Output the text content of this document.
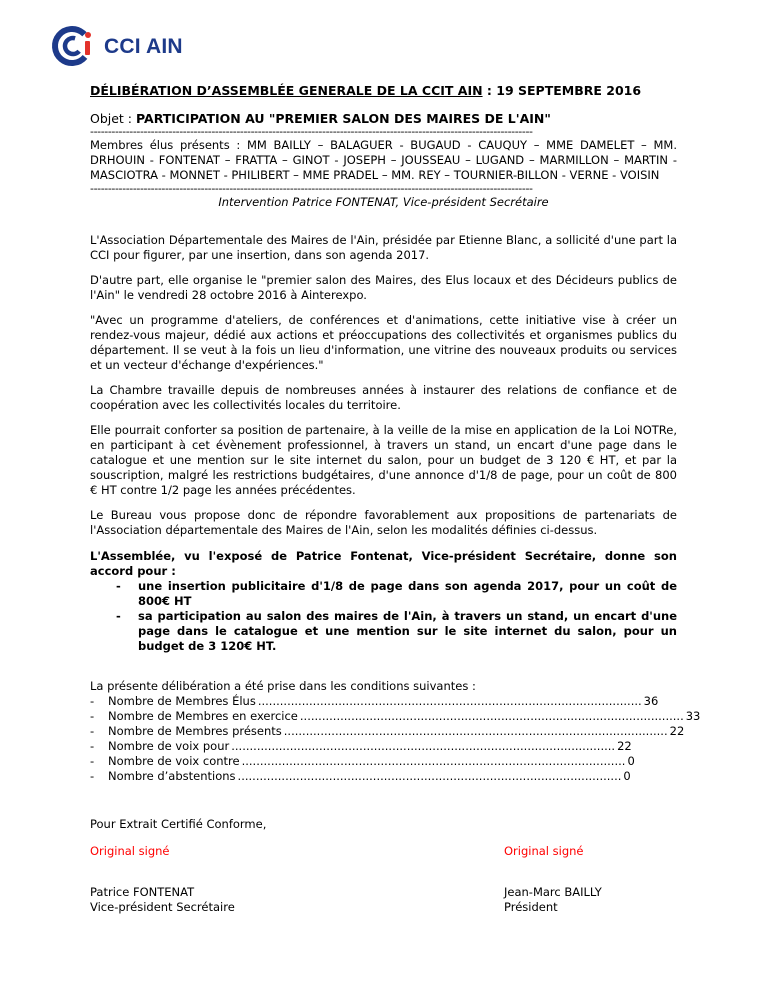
CCI AIN
DÉLIBÉRATION D’ASSEMBLÉE GENERALE DE LA CCIT AIN : 19 SEPTEMBRE 2016
Objet : PARTICIPATION AU "PREMIER SALON DES MAIRES DE L'AIN"
----------------------------------------------------------------------------------------------------------------------------
Membres élus présents : MM BAILLY – BALAGUER - BUGAUD - CAUQUY – MME DAMELET – MM. DRHOUIN - FONTENAT – FRATTA – GINOT - JOSEPH – JOUSSEAU – LUGAND – MARMILLON – MARTIN - MASCIOTRA - MONNET - PHILIBERT – MME PRADEL – MM. REY – TOURNIER-BILLON - VERNE - VOISIN
----------------------------------------------------------------------------------------------------------------------------
Intervention Patrice FONTENAT, Vice-président Secrétaire

L'Association Départementale des Maires de l'Ain, présidée par Etienne Blanc, a sollicité d'une part la CCI pour figurer, par une insertion, dans son agenda 2017.

D'autre part, elle organise le "premier salon des Maires, des Elus locaux et des Décideurs publics de l'Ain" le vendredi 28 octobre 2016 à Ainterexpo.

"Avec un programme d'ateliers, de conférences et d'animations, cette initiative vise à créer un rendez-vous majeur, dédié aux actions et préoccupations des collectivités et organismes publics du département. Il se veut à la fois un lieu d'information, une vitrine des nouveaux produits ou services et un vecteur d'échange d'expériences."

La Chambre travaille depuis de nombreuses années à instaurer des relations de confiance et de coopération avec les collectivités locales du territoire.

Elle pourrait conforter sa position de partenaire, à la veille de la mise en application de la Loi NOTRe, en participant à cet évènement professionnel, à travers un stand, un encart d'une page dans le catalogue et une mention sur le site internet du salon, pour un budget de 3 120 € HT, et par la souscription, malgré les restrictions budgétaires, d'une annonce d'1/8 de page, pour un coût de 800 € HT contre 1/2 page les années précédentes.

Le Bureau vous propose donc de répondre favorablement aux propositions de partenariats de l'Association départementale des Maires de l'Ain, selon les modalités définies ci-dessus.

L'Assemblée, vu l'exposé de Patrice Fontenat, Vice-président Secrétaire, donne son accord pour :

- une insertion publicitaire d'1/8 de page dans son agenda 2017, pour un coût de 800€ HT
- sa participation au salon des maires de l'Ain, à travers un stand, un encart d'une page dans le catalogue et une mention sur le site internet du salon, pour un budget de 3 120€ HT.
La présente délibération a été prise dans les conditions suivantes :
-	Nombre de Membres Élus ......................................................................................................... 36
-	Nombre de Membres en exercice ......................................................................................................... 33
-	Nombre de Membres présents ......................................................................................................... 22
-	Nombre de voix pour ......................................................................................................... 22
-	Nombre de voix contre ......................................................................................................... 0
-	Nombre d’abstentions ......................................................................................................... 0
Pour Extrait Certifié Conforme,
Original signé
Patrice FONTENAT
Vice-président Secrétaire
Original signé
Jean-Marc BAILLY
Président
